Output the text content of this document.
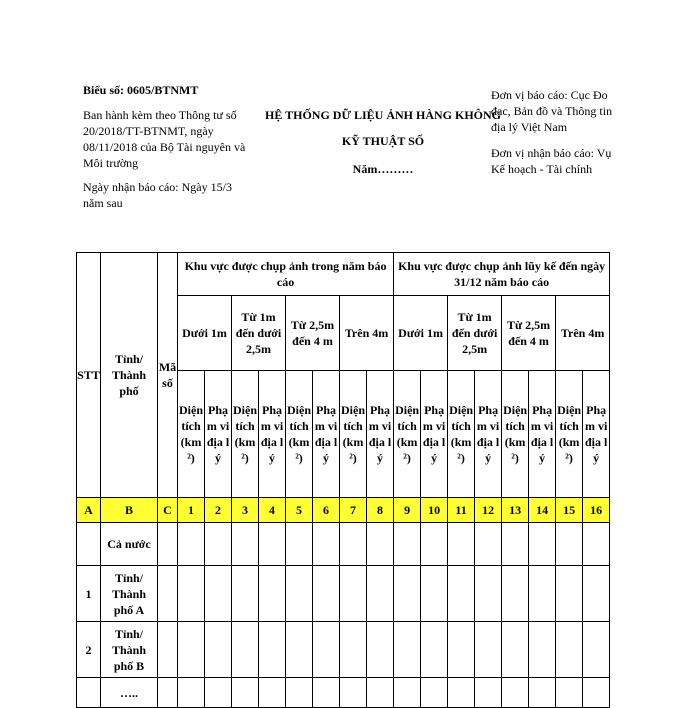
Biểu số: 0605/BTNMT

Ban hành kèm theo Thông tư số 20/2018/TT-BTNMT, ngày 08/11/2018 của Bộ Tài nguyên và Môi trường

Ngày nhận báo cáo: Ngày 15/3 năm sau

HỆ THỐNG DỮ LIỆU ẢNH HÀNG KHÔNG

KỸ THUẬT SỐ

Năm………

Đơn vị báo cáo: Cục Đo đạc, Bản đồ và Thông tin địa lý Việt Nam

Đơn vị nhận báo cáo: Vụ Kế hoạch - Tài chính

STT	Tỉnh/ Thành phố	Mã số	Khu vực được chụp ảnh trong năm báo cáo								Khu vực được chụp ảnh lũy kế đến ngày 31/12 năm báo cáo							
			Dưới 1m		Từ 1m đến dưới 2,5m		Từ 2,5m đến 4 m		Trên 4m		Dưới 1m		Từ 1m đến dưới 2,5m		Từ 2,5m đến 4 m		Trên 4m	
			Diện tích (km²)	Phạm vi địa lý	Diện tích (km²)	Phạm vi địa lý	Diện tích (km²)	Phạm vi địa lý	Diện tích (km²)	Phạm vi địa lý	Diện tích (km²)	Phạm vi địa lý	Diện tích (km²)	Phạm vi địa lý	Diện tích (km²)	Phạm vi địa lý	Diện tích (km²)	Phạm vi địa lý
A	B	C	1	2	3	4	5	6	7	8	9	10	11	12	13	14	15	16
	Cả nước																	
1	Tỉnh/ Thành phố A																	
2	Tỉnh/ Thành phố B																	
	…..																	
